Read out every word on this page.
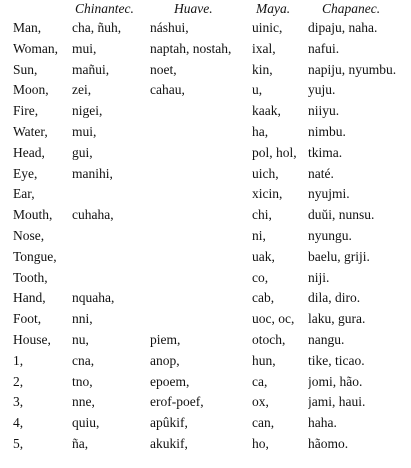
	Chinantec.	Huave.	Maya.	Chapanec.
Man,	cha, ñuh,	náshui,	uinic,	dipaju, naha.
Woman,	mui,	naptah, nostah,	ixal,	nafui.
Sun,	mañui,	noet,	kin,	napiju, nyumbu.
Moon,	zei,	cahau,	u,	yuju.
Fire,	nigei,		kaak,	niiyu.
Water,	mui,		ha,	nimbu.
Head,	gui,		pol, hol,	tkima.
Eye,	manihi,		uich,	naté.
Ear,			xicin,	nyujmi.
Mouth,	cuhaha,		chi,	duŭi, nunsu.
Nose,			ni,	nyungu.
Tongue,			uak,	baelu, griji.
Tooth,			co,	niji.
Hand,	nquaha,		cab,	dila, diro.
Foot,	nni,		uoc, oc,	laku, gura.
House,	nu,	piem,	otoch,	nangu.
1,	cna,	anop,	hun,	tike, ticao.
2,	tno,	epoem,	ca,	jomi, hão.
3,	nne,	erof-poef,	ox,	jami, haui.
4,	quiu,	apûkif,	can,	haha.
5,	ña,	akukif,	ho,	hãomo.
